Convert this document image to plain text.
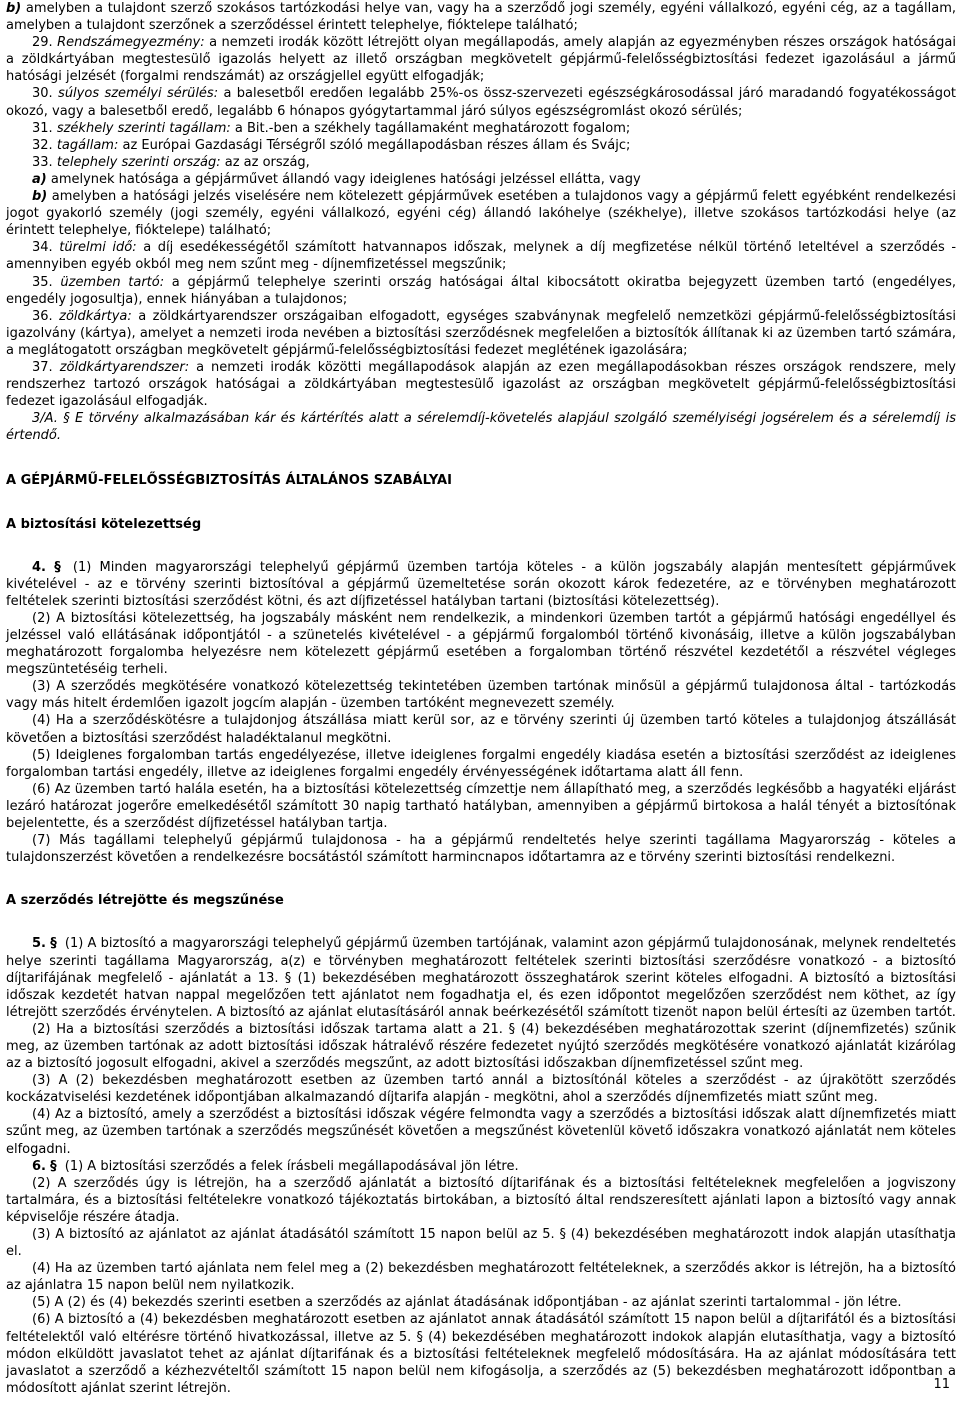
b) amelyben a tulajdont szerző szokásos tartózkodási helye van, vagy ha a szerződő jogi személy, egyéni vállalkozó, egyéni cég, az a tagállam, amelyben a tulajdont szerzőnek a szerződéssel érintett telephelye, fióktelepe található;

29. Rendszámegyezmény: a nemzeti irodák között létrejött olyan megállapodás, amely alapján az egyezményben részes országok hatóságai a zöldkártyában megtestesülő igazolás helyett az illető országban megkövetelt gépjármű-felelősségbiztosítási fedezet igazolásául a jármű hatósági jelzését (forgalmi rendszámát) az országjellel együtt elfogadják;

30. súlyos személyi sérülés: a balesetből eredően legalább 25%-os össz-szervezeti egészségkárosodással járó maradandó fogyatékosságot okozó, vagy a balesetből eredő, legalább 6 hónapos gyógytartammal járó súlyos egészségromlást okozó sérülés;

31. székhely szerinti tagállam: a Bit.-ben a székhely tagállamaként meghatározott fogalom;

32. tagállam: az Európai Gazdasági Térségről szóló megállapodásban részes állam és Svájc;

33. telephely szerinti ország: az az ország,

a) amelynek hatósága a gépjárművet állandó vagy ideiglenes hatósági jelzéssel ellátta, vagy

b) amelyben a hatósági jelzés viselésére nem kötelezett gépjárművek esetében a tulajdonos vagy a gépjármű felett egyébként rendelkezési jogot gyakorló személy (jogi személy, egyéni vállalkozó, egyéni cég) állandó lakóhelye (székhelye), illetve szokásos tartózkodási helye (az érintett telephelye, fióktelepe) található;

34. türelmi idő: a díj esedékességétől számított hatvannapos időszak, melynek a díj megfizetése nélkül történő leteltével a szerződés - amennyiben egyéb okból meg nem szűnt meg - díjnemfizetéssel megszűnik;

35. üzemben tartó: a gépjármű telephelye szerinti ország hatóságai által kibocsátott okiratba bejegyzett üzemben tartó (engedélyes, engedély jogosultja), ennek hiányában a tulajdonos;

36. zöldkártya: a zöldkártyarendszer országaiban elfogadott, egységes szabványnak megfelelő nemzetközi gépjármű-felelősségbiztosítási igazolvány (kártya), amelyet a nemzeti iroda nevében a biztosítási szerződésnek megfelelően a biztosítók állítanak ki az üzemben tartó számára, a meglátogatott országban megkövetelt gépjármű-felelősségbiztosítási fedezet meglétének igazolására;

37. zöldkártyarendszer: a nemzeti irodák közötti megállapodások alapján az ezen megállapodásokban részes országok rendszere, mely rendszerhez tartozó országok hatóságai a zöldkártyában megtestesülő igazolást az országban megkövetelt gépjármű-felelősségbiztosítási fedezet igazolásául elfogadják.

3/A. § E törvény alkalmazásában kár és kártérítés alatt a sérelemdíj-követelés alapjául szolgáló személyiségi jogsérelem és a sérelemdíj is értendő.

A GÉPJÁRMŰ-FELELŐSSÉGBIZTOSÍTÁS ÁLTALÁNOS SZABÁLYAI

A biztosítási kötelezettség

4. § (1) Minden magyarországi telephelyű gépjármű üzemben tartója köteles - a külön jogszabály alapján mentesített gépjárművek kivételével - az e törvény szerinti biztosítóval a gépjármű üzemeltetése során okozott károk fedezetére, az e törvényben meghatározott feltételek szerinti biztosítási szerződést kötni, és azt díjfizetéssel hatályban tartani (biztosítási kötelezettség).

(2) A biztosítási kötelezettség, ha jogszabály másként nem rendelkezik, a mindenkori üzemben tartót a gépjármű hatósági engedéllyel és jelzéssel való ellátásának időpontjától - a szünetelés kivételével - a gépjármű forgalomból történő kivonásáig, illetve a külön jogszabályban meghatározott forgalomba helyezésre nem kötelezett gépjármű esetében a forgalomban történő részvétel kezdetétől a részvétel végleges megszüntetéséig terheli.

(3) A szerződés megkötésére vonatkozó kötelezettség tekintetében üzemben tartónak minősül a gépjármű tulajdonosa által - tartózkodás vagy más hitelt érdemlően igazolt jogcím alapján - üzemben tartóként megnevezett személy.

(4) Ha a szerződéskötésre a tulajdonjog átszállása miatt kerül sor, az e törvény szerinti új üzemben tartó köteles a tulajdonjog átszállását követően a biztosítási szerződést haladéktalanul megkötni.

(5) Ideiglenes forgalomban tartás engedélyezése, illetve ideiglenes forgalmi engedély kiadása esetén a biztosítási szerződést az ideiglenes forgalomban tartási engedély, illetve az ideiglenes forgalmi engedély érvényességének időtartama alatt áll fenn.

(6) Az üzemben tartó halála esetén, ha a biztosítási kötelezettség címzettje nem állapítható meg, a szerződés legkésőbb a hagyatéki eljárást lezáró határozat jogerőre emelkedésétől számított 30 napig tartható hatályban, amennyiben a gépjármű birtokosa a halál tényét a biztosítónak bejelentette, és a szerződést díjfizetéssel hatályban tartja.

(7) Más tagállami telephelyű gépjármű tulajdonosa - ha a gépjármű rendeltetés helye szerinti tagállama Magyarország - köteles a tulajdonszerzést követően a rendelkezésre bocsátástól számított harmincnapos időtartamra az e törvény szerinti biztosítási rendelkezni.

A szerződés létrejötte és megszűnése

5. § (1) A biztosító a magyarországi telephelyű gépjármű üzemben tartójának, valamint azon gépjármű tulajdonosának, melynek rendeltetés helye szerinti tagállama Magyarország, a(z) e törvényben meghatározott feltételek szerinti biztosítási szerződésre vonatkozó - a biztosító díjtarifájának megfelelő - ajánlatát a 13. § (1) bekezdésében meghatározott összeghatárok szerint köteles elfogadni. A biztosító a biztosítási időszak kezdetét hatvan nappal megelőzően tett ajánlatot nem fogadhatja el, és ezen időpontot megelőzően szerződést nem köthet, az így létrejött szerződés érvénytelen. A biztosító az ajánlat elutasításáról annak beérkezésétől számított tizenöt napon belül értesíti az üzemben tartót.

(2) Ha a biztosítási szerződés a biztosítási időszak tartama alatt a 21. § (4) bekezdésében meghatározottak szerint (díjnemfizetés) szűnik meg, az üzemben tartónak az adott biztosítási időszak hátralévő részére fedezetet nyújtó szerződés megkötésére vonatkozó ajánlatát kizárólag az a biztosító jogosult elfogadni, akivel a szerződés megszűnt, az adott biztosítási időszakban díjnemfizetéssel szűnt meg.

(3) A (2) bekezdésben meghatározott esetben az üzemben tartó annál a biztosítónál köteles a szerződést - az újrakötött szerződés kockázatviselési kezdetének időpontjában alkalmazandó díjtarifa alapján - megkötni, ahol a szerződés díjnemfizetés miatt szűnt meg.

(4) Az a biztosító, amely a szerződést a biztosítási időszak végére felmondta vagy a szerződés a biztosítási időszak alatt díjnemfizetés miatt szűnt meg, az üzemben tartónak a szerződés megszűnését követően a megszűnést követenlül követő időszakra vonatkozó ajánlatát nem köteles elfogadni.

6. § (1) A biztosítási szerződés a felek írásbeli megállapodásával jön létre.

(2) A szerződés úgy is létrejön, ha a szerződő ajánlatát a biztosító díjtarifának és a biztosítási feltételeknek megfelelően a jogviszony tartalmára, és a biztosítási feltételekre vonatkozó tájékoztatás birtokában, a biztosító által rendszeresített ajánlati lapon a biztosító vagy annak képviselője részére átadja.

(3) A biztosító az ajánlatot az ajánlat átadásától számított 15 napon belül az 5. § (4) bekezdésében meghatározott indok alapján utasíthatja el.

(4) Ha az üzemben tartó ajánlata nem felel meg a (2) bekezdésben meghatározott feltételeknek, a szerződés akkor is létrejön, ha a biztosító az ajánlatra 15 napon belül nem nyilatkozik.

(5) A (2) és (4) bekezdés szerinti esetben a szerződés az ajánlat átadásának időpontjában - az ajánlat szerinti tartalommal - jön létre.

(6) A biztosító a (4) bekezdésben meghatározott esetben az ajánlatot annak átadásától számított 15 napon belül a díjtarifától és a biztosítási feltételektől való eltérésre történő hivatkozással, illetve az 5. § (4) bekezdésében meghatározott indokok alapján elutasíthatja, vagy a biztosító módon elküldött javaslatot tehet az ajánlat díjtarifának és a biztosítási feltételeknek megfelelő módosítására. Ha az ajánlat módosítására tett javaslatot a szerződő a kézhezvételtől számított 15 napon belül nem kifogásolja, a szerződés az (5) bekezdésben meghatározott időpontban a módosított ajánlat szerint létrejön.	11
